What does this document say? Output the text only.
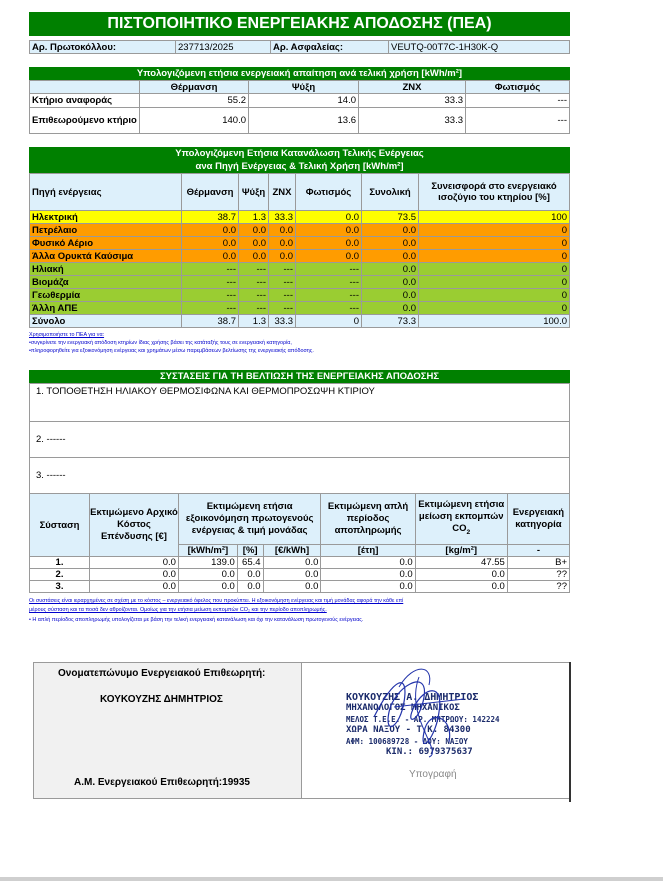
ΠΙΣΤΟΠΟΙΗΤΙΚΟ ΕΝΕΡΓΕΙΑΚΗΣ ΑΠΟΔΟΣΗΣ (ΠΕΑ)
Αρ. Πρωτοκόλλου:	237713/2025	Αρ. Ασφαλείας:	VEUTQ-00T7C-1H30K-Q
Υπολογιζόμενη ετήσια ενεργειακή απαίτηση ανά τελική χρήση [kWh/m²]
	Θέρμανση	Ψύξη	ΖΝΧ	Φωτισμός
Κτήριο αναφοράς	55.2	14.0	33.3	---
Επιθεωρούμενο κτήριο	140.0	13.6	33.3	---
Υπολογιζόμενη Ετήσια Κατανάλωση Τελικής Ενέργειας
ανα Πηγή Ενέργειας & Τελική Χρήση [kWh/m²]
Πηγή ενέργειας	Θέρμανση	Ψύξη	ΖΝΧ	Φωτισμός	Συνολική	Συνεισφορά στο ενεργειακό ισοζύγιο του κτηρίου [%]
Ηλεκτρική	38.7	1.3	33.3	0.0	73.5	100
Πετρέλαιο	0.0	0.0	0.0	0.0	0.0	0
Φυσικό Αέριο	0.0	0.0	0.0	0.0	0.0	0
Άλλα Ορυκτά Καύσιμα	0.0	0.0	0.0	0.0	0.0	0
Ηλιακή	---	---	---	---	0.0	0
Βιομάζα	---	---	---	---	0.0	0
Γεωθερμία	---	---	---	---	0.0	0
Άλλη ΑΠΕ	---	---	---	---	0.0	0
Σύνολο	38.7	1.3	33.3	0	73.3	100.0
Χρησιμοποιήστε το ΠΕΑ για να:
•συγκρίνετε την ενεργειακή απόδοση κτηρίων ίδιας χρήσης βάσει της κατάταξής τους σε ενεργειακή κατηγορία,
•πληροφορηθείτε για εξοικονόμηση ενέργειας και χρημάτων μέσω παρεμβάσεων βελτίωσης της ενεργειακής απόδοσης.
ΣΥΣΤΑΣΕΙΣ ΓΙΑ ΤΗ ΒΕΛΤΙΩΣΗ ΤΗΣ ΕΝΕΡΓΕΙΑΚΗΣ ΑΠΟΔΟΣΗΣ
1. ΤΟΠΟΘΕΤΗΣΗ ΗΛΙΑΚΟΥ ΘΕΡΜΟΣΙΦΩΝΑ ΚΑΙ ΘΕΡΜΟΠΡΟΣΩΨΗ ΚΤΙΡΙΟΥ
2. ------
3. ------
Σύσταση	Εκτιμώμενο Αρχικό Κόστος Επένδυσης [€]	Εκτιμώμενη ετήσια εξοικονόμηση πρωτογενούς ενέργειας & τιμή μονάδας			Εκτιμώμενη απλή περίοδος αποπληρωμής	Εκτιμώμενη ετήσια μείωση εκπομπών $CO_2$	Ενεργειακή κατηγορία
		[kWh/m²]	[%]	[€/kWh]	[έτη]	[kg/m²]	-
1.	0.0	139.0	65.4	0.0	0.0	47.55	B+
2.	0.0	0.0	0.0	0.0	0.0	0.0	??
3.	0.0	0.0	0.0	0.0	0.0	0.0	??
Οι συστάσεις είναι ιεραρχημένες σε σχέση με το κόστος – ενεργειακό όφελος που προκύπτει. Η εξοικονόμηση ενέργειας και τιμή μονάδας αφορά την κάθε επί
μέρους σύσταση και τα ποσά δεν αθροίζονται. Ομοίως για την ετήσια μείωση εκπομπών CO₂ και την περίοδο αποπληρωμής.
• Η απλή περίοδος αποπληρωμής υπολογίζεται με βάση την τελική ενεργειακή κατανάλωση και όχι την κατανάλωση πρωτογενούς ενέργειας.
Ονοματεπώνυμο Ενεργειακού Επιθεωρητή:
ΚΟΥΚΟΥΖΗΣ ΔΗΜΗΤΡΙΟΣ
Α.Μ. Ενεργειακού Επιθεωρητή:19935
ΚΟΥΚΟΥΖΗΣ Α. ΔΗΜΗΤΡΙΟΣ
ΜΗΧΑΝΟΛΟΓΟΣ ΜΗΧΑΝΙΚΟΣ
ΜΕΛΟΣ Τ.Ε.Ε. - ΑΡ. ΜΗΤΡΩΟΥ: 142224
ΧΩΡΑ ΝΑΞΟΥ - Τ.Κ. 84300
ΑΦΜ: 100689728 - ΔΟΥ: ΝΑΞΟΥ
ΚΙΝ.: 6979375637
Υπογραφή
